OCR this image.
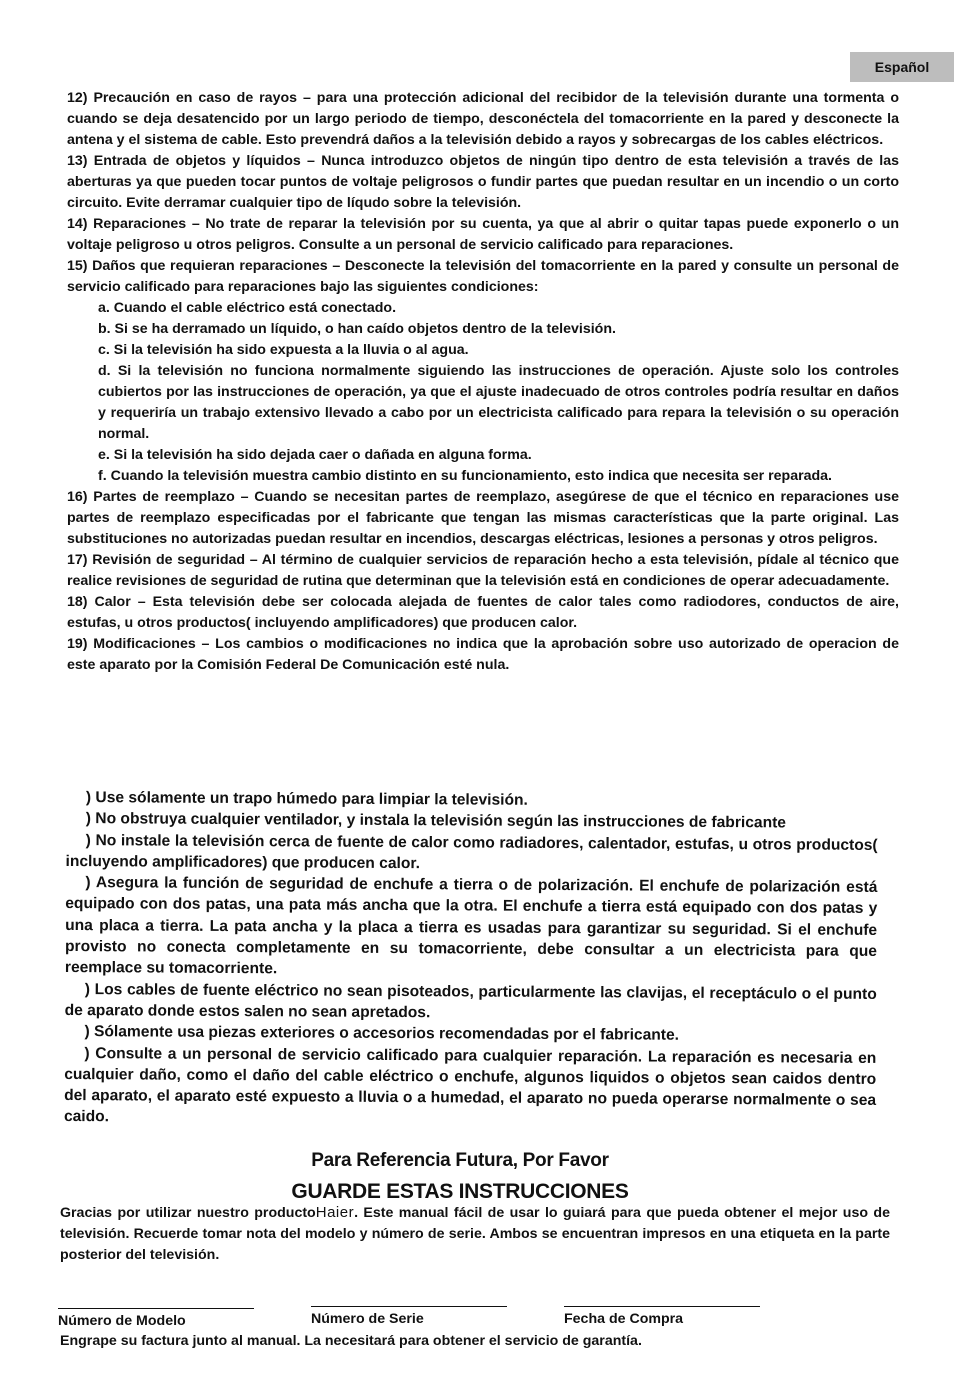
Español

12) Precaución en caso de rayos – para una protección adicional del recibidor de la televisión durante una tormenta o cuando se deja desatencido por un largo periodo de tiempo, desconéctela del tomacorriente en la pared y desconecte la antena y el sistema de cable. Esto prevendrá daños a la televisión debido a rayos y sobrecargas de los cables eléctricos.

13) Entrada de objetos y líquidos – Nunca introduzco objetos de ningún tipo dentro de esta televisión a través de las aberturas ya que pueden tocar puntos de voltaje peligrosos o fundir partes que puedan resultar en un incendio o un corto circuito. Evite derramar cualquier tipo de líqudo sobre la televisión.

14) Reparaciones – No trate de reparar la televisión por su cuenta, ya que al abrir o quitar tapas puede exponerlo o un voltaje peligroso u otros peligros. Consulte a un personal de servicio calificado para reparaciones.

15) Daños que requieran reparaciones – Desconecte la televisión del tomacorriente en la pared y consulte un personal de servicio calificado para reparaciones bajo las siguientes condiciones:

a. Cuando el cable eléctrico está conectado.

b. Si se ha derramado un líquido, o han caído objetos dentro de la televisión.

c. Si la televisión ha sido expuesta a la lluvia o al agua.

d. Si la televisión no funciona normalmente siguiendo las instrucciones de operación. Ajuste solo los controles cubiertos por las instrucciones de operación, ya que el ajuste inadecuado de otros controles podría resultar en daños y requeriría un trabajo extensivo llevado a cabo por un electricista calificado para repara la televisión o su operación normal.

e. Si la televisión ha sido dejada caer o dañada en alguna forma.

f. Cuando la televisión muestra cambio distinto en su funcionamiento, esto indica que necesita ser reparada.

16) Partes de reemplazo – Cuando se necesitan partes de reemplazo, asegúrese de que el técnico en reparaciones use partes de reemplazo especificadas por el fabricante que tengan las mismas características que la parte original. Las substituciones no autorizadas puedan resultar en incendios, descargas eléctricas, lesiones a personas y otros peligros.

17) Revisión de seguridad – Al término de cualquier servicios de reparación hecho a esta televisión, pídale al técnico que realice revisiones de seguridad de rutina que determinan que la televisión está en condiciones de operar adecuadamente.

18) Calor – Esta televisión debe ser colocada alejada de fuentes de calor tales como radiodores, conductos de aire, estufas, u otros productos( incluyendo amplificadores) que producen calor.

19) Modificaciones – Los cambios o modificaciones no indica que la aprobación sobre uso autorizado de operacion de este aparato por la Comisión Federal De Comunicación esté nula.

) Use sólamente un trapo húmedo para limpiar la televisión.

) No obstruya cualquier ventilador, y instala la televisión según las instrucciones de fabricante

) No instale la televisión cerca de fuente de calor como radiadores, calentador, estufas, u otros productos( incluyendo amplificadores) que producen calor.

) Asegura la función de seguridad de enchufe a tierra o de polarización. El enchufe de polarización está equipado con dos patas, una pata más ancha que la otra. El enchufe a tierra está equipado con dos patas y una placa a tierra. La pata ancha y la placa a tierra es usadas para garantizar su seguridad. Si el enchufe provisto no conecta completamente en su tomacorriente, debe consultar a un electricista para que reemplace su tomacorriente.

) Los cables de fuente eléctrico no sean pisoteados, particularmente las clavijas, el receptáculo o el punto de aparato donde estos salen no sean apretados.

) Sólamente usa piezas exteriores o accesorios recomendadas por el fabricante.

) Consulte a un personal de servicio calificado para cualquier reparación. La reparación es necesaria en cualquier daño, como el daño del cable eléctrico o enchufe, algunos liquidos o objetos sean caidos dentro del aparato, el aparato esté expuesto a lluvia o a humedad, el aparato no pueda operarse normalmente o sea caido.

Para Referencia Futura, Por Favor
GUARDE ESTAS INSTRUCCIONES

Gracias por utilizar nuestro productoHaier. Este manual fácil de usar lo guiará para que pueda obtener el mejor uso de televisión. Recuerde tomar nota del modelo y número de serie. Ambos se encuentran impresos en una etiqueta en la parte posterior del televisión.

Número de Modelo	Número de Serie	Fecha de Compra
Engrape su factura junto al manual. La necesitará para obtener el servicio de garantía.
